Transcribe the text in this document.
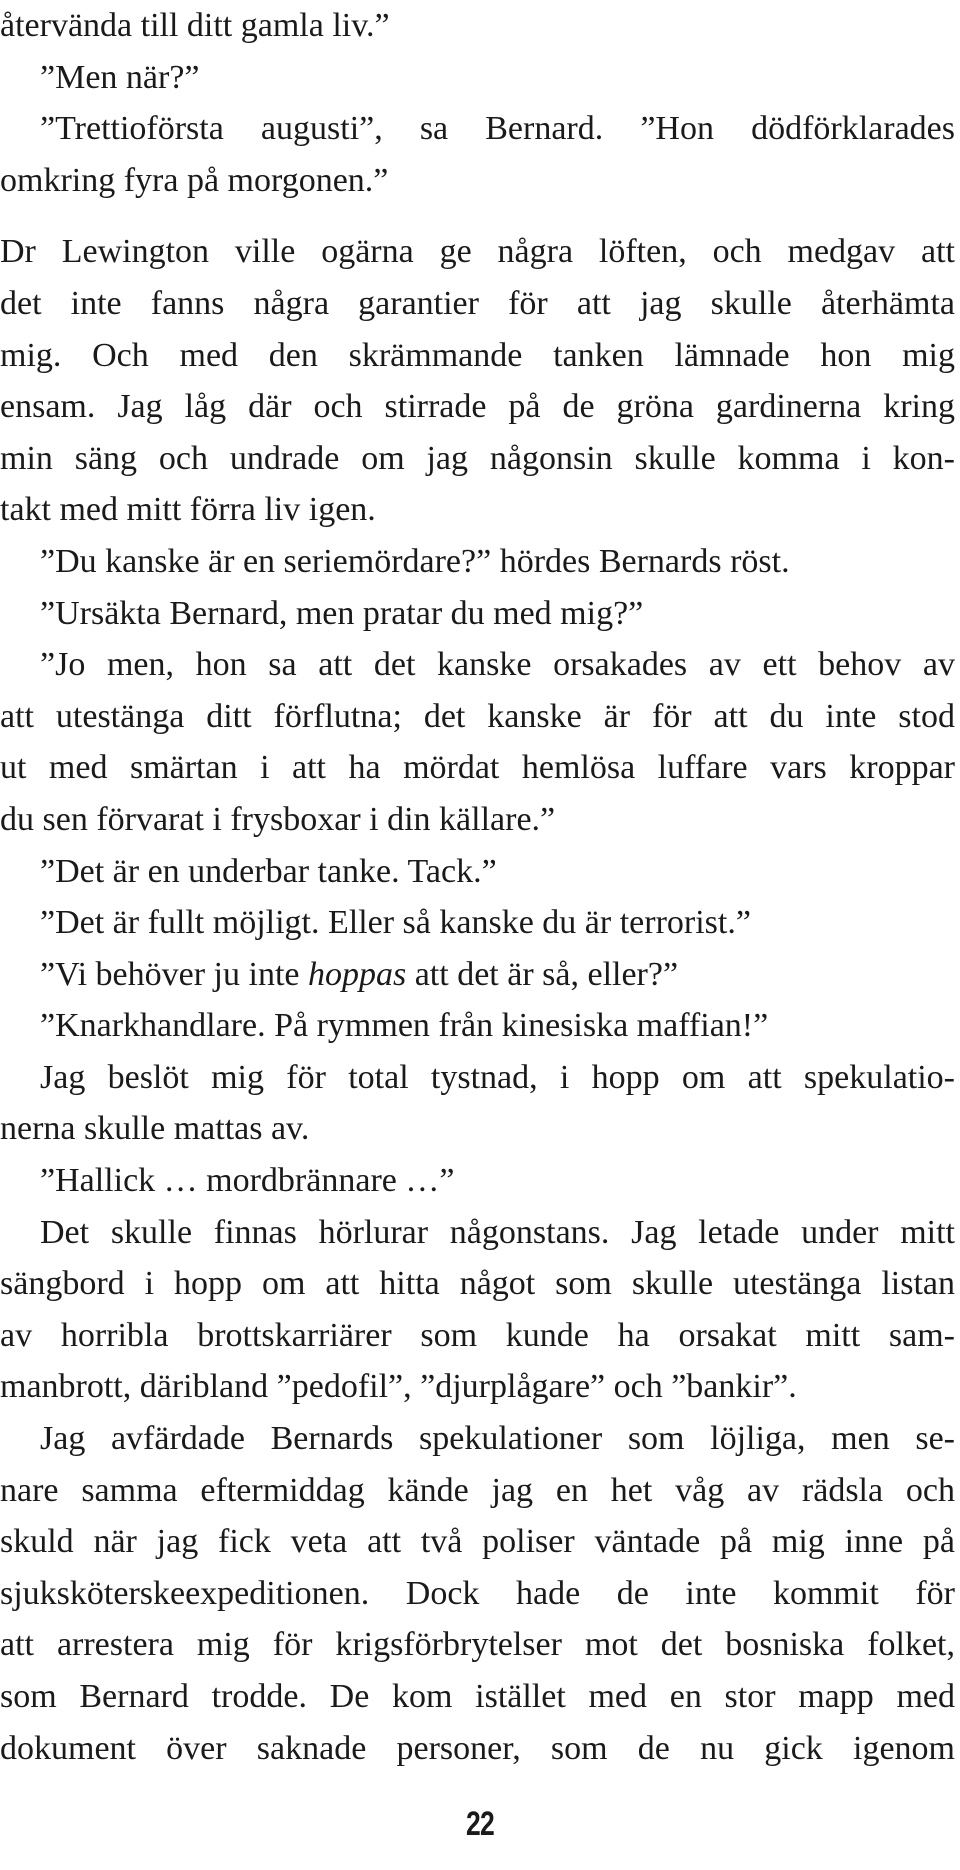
återvända till ditt gamla liv.”
”Men när?”
”Trettioförsta augusti”, sa Bernard. ”Hon dödförklarades
omkring fyra på morgonen.”
Dr Lewington ville ogärna ge några löften, och medgav att
det inte fanns några garantier för att jag skulle återhämta
mig. Och med den skrämmande tanken lämnade hon mig
ensam. Jag låg där och stirrade på de gröna gardinerna kring
min säng och undrade om jag någonsin skulle komma i kon-
takt med mitt förra liv igen.
”Du kanske är en seriemördare?” hördes Bernards röst.
”Ursäkta Bernard, men pratar du med mig?”
”Jo men, hon sa att det kanske orsakades av ett behov av
att utestänga ditt förflutna; det kanske är för att du inte stod
ut med smärtan i att ha mördat hemlösa luffare vars kroppar
du sen förvarat i frysboxar i din källare.”
”Det är en underbar tanke. Tack.”
”Det är fullt möjligt. Eller så kanske du är terrorist.”
”Vi behöver ju inte hoppas att det är så, eller?”
”Knarkhandlare. På rymmen från kinesiska maffian!”
Jag beslöt mig för total tystnad, i hopp om att spekulatio-
nerna skulle mattas av.
”Hallick … mordbrännare …”
Det skulle finnas hörlurar någonstans. Jag letade under mitt
sängbord i hopp om att hitta något som skulle utestänga listan
av horribla brottskarriärer som kunde ha orsakat mitt sam-
manbrott, däribland ”pedofil”, ”djurplågare” och ”bankir”.
Jag avfärdade Bernards spekulationer som löjliga, men se-
nare samma eftermiddag kände jag en het våg av rädsla och
skuld när jag fick veta att två poliser väntade på mig inne på
sjuksköterskeexpeditionen. Dock hade de inte kommit för
att arrestera mig för krigsförbrytelser mot det bosniska folket,
som Bernard trodde. De kom istället med en stor mapp med
dokument över saknade personer, som de nu gick igenom
22
